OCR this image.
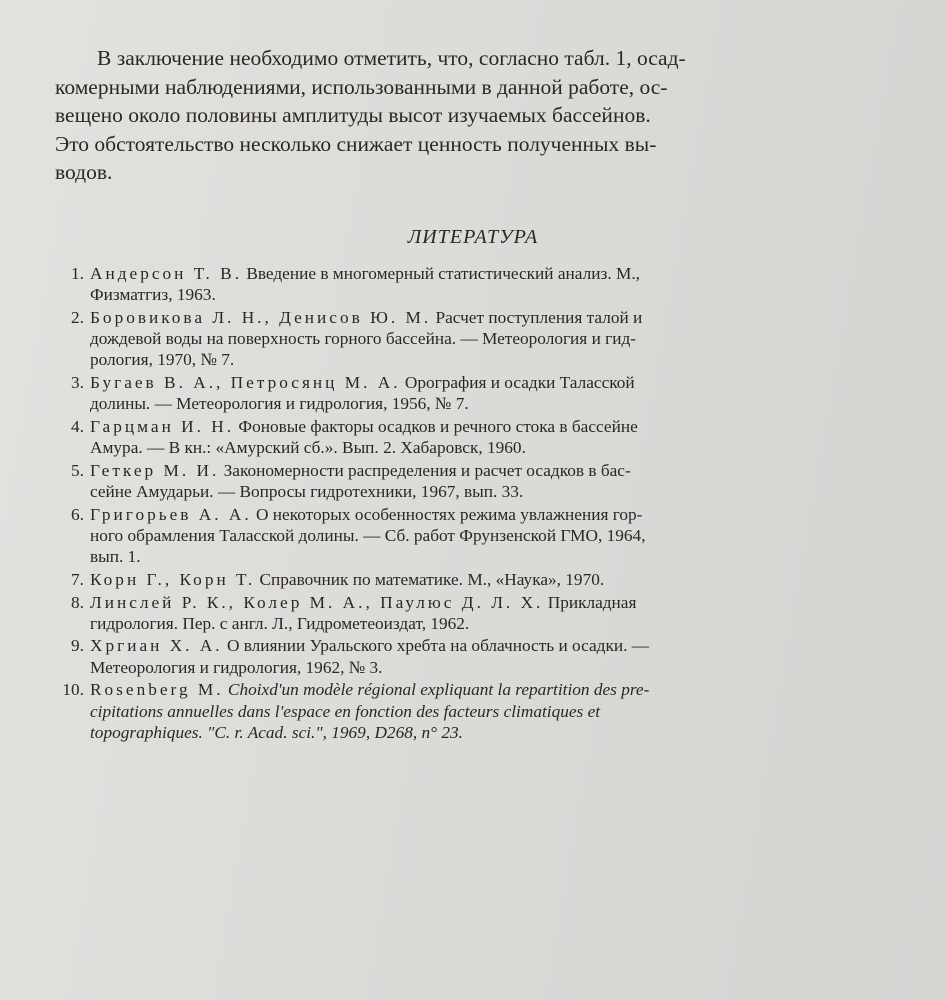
В заключение необходимо отметить, что, согласно табл. 1, осад-
комерными наблюдениями, использованными в данной работе, ос-
вещено около половины амплитуды высот изучаемых бассейнов.
Это обстоятельство несколько снижает ценность полученных вы-
водов.
ЛИТЕРАТУРА
1. Андерсон Т. В. Введение в многомерный статистический анализ. М.,
Физматгиз, 1963.
2. Боровикова Л. Н., Денисов Ю. М. Расчет поступления талой и
дождевой воды на поверхность горного бассейна. — Метеорология и гид-
рология, 1970, № 7.
3. Бугаев В. А., Петросянц М. А. Орография и осадки Таласской
долины. — Метеорология и гидрология, 1956, № 7.
4. Гарцман И. Н. Фоновые факторы осадков и речного стока в бассейне
Амура. — В кн.: «Амурский сб.». Вып. 2. Хабаровск, 1960.
5. Геткер М. И. Закономерности распределения и расчет осадков в бас-
сейне Амударьи. — Вопросы гидротехники, 1967, вып. 33.
6. Григорьев А. А. О некоторых особенностях режима увлажнения гор-
ного обрамления Таласской долины. — Сб. работ Фрунзенской ГМО, 1964,
вып. 1.
7. Корн Г., Корн Т. Справочник по математике. М., «Наука», 1970.
8. Линслей Р. К., Колер М. А., Паулюс Д. Л. Х. Прикладная
гидрология. Пер. с англ. Л., Гидрометеоиздат, 1962.
9. Хргиан Х. А. О влиянии Уральского хребта на облачность и осадки. —
Метеорология и гидрология, 1962, № 3.
10. Rosenberg M. Choixd'un modèle régional expliquant la repartition des pre-
cipitations annuelles dans l'espace en fonction des facteurs climatiques et
topographiques. "C. r. Acad. sci.", 1969, D268, n° 23.
